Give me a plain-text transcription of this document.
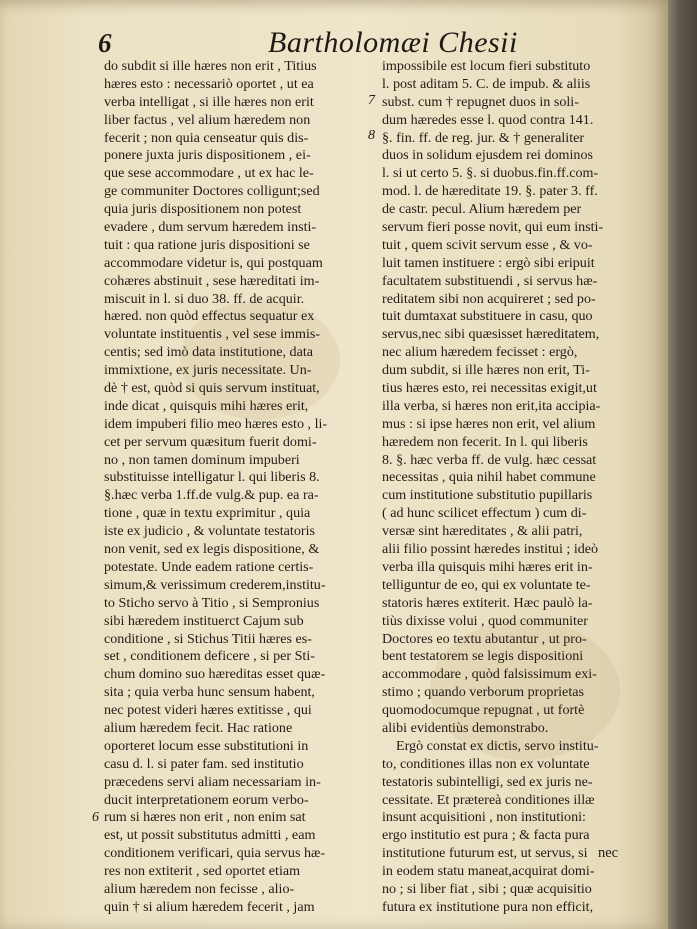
6	Bartholomæi Chesii
do subdit si ille hæres non erit , Titius
hæres esto : necessariò oportet , ut ea
verba intelligat , si ille hæres non erit
liber factus , vel alium hæredem non
fecerit ; non quia censeatur quis dis-
ponere juxta juris dispositionem , ei-
que sese accommodare , ut ex hac le-
ge communiter Doctores colligunt;sed
quia juris dispositionem non potest
evadere , dum servum hæredem insti-
tuit : qua ratione juris dispositioni se
accommodare videtur is, qui postquam
cohæres abstinuit , sese hæreditati im-
miscuit in l. si duo 38. ff. de acquir.
hæred. non quòd effectus sequatur ex
voluntate instituentis , vel sese immis-
centis; sed imò data institutione, data
immixtione, ex juris necessitate. Un-
dè † est, quòd si quis servum instituat,
inde dicat , quisquis mihi hæres erit,
idem impuberi filio meo hæres esto , li-
cet per servum quæsitum fuerit domi-
no , non tamen dominum impuberi
substituisse intelligatur l. qui liberis 8.
§.hæc verba 1.ff.de vulg.& pup. ea ra-
tione , quæ in textu exprimitur , quia
iste ex judicio , & voluntate testatoris
non venit, sed ex legis dispositione, &
potestate. Unde eadem ratione certis-
simum,& verissimum crederem,institu-
to Sticho servo à Titio , si Sempronius
sibi hæredem instituerct Cajum sub
conditione , si Stichus Titii hæres es-
set , conditionem deficere , si per Sti-
chum domino suo hæreditas esset quæ-
sita ; quia verba hunc sensum habent,
nec potest videri hæres extitisse , qui
alium hæredem fecit. Hac ratione
oporteret locum esse substitutioni in
casu d. l. si pater fam. sed institutio
præcedens servi aliam necessariam in-
ducit interpretationem eorum verbo-
rum si hæres non erit , non enim sat
est, ut possit substitutus admitti , eam
conditionem verificari, quia servus hæ-
res non extiterit , sed oportet etiam
alium hæredem non fecisse , alio-
quin † si alium hæredem fecerit , jam
impossibile est locum fieri substituto
l. post aditam 5. C. de impub. & aliis
subst. cum † repugnet duos in soli-
dum hæredes esse l. quod contra 141.
§. fin. ff. de reg. jur. & † generaliter
duos in solidum ejusdem rei dominos
l. si ut certo 5. §. si duobus.fin.ff.com-
mod. l. de hæreditate 19. §. pater 3. ff.
de castr. pecul. Alium hæredem per
servum fieri posse novit, qui eum insti-
tuit , quem scivit servum esse , & vo-
luit tamen instituere : ergò sibi eripuit
facultatem substituendi , si servus hæ-
reditatem sibi non acquireret ; sed po-
tuit dumtaxat substituere in casu, quo
servus,nec sibi quæsisset hæreditatem,
nec alium hæredem fecisset : ergò,
dum subdit, si ille hæres non erit, Ti-
tius hæres esto, rei necessitas exigit,ut
illa verba, si hæres non erit,ita accipia-
mus : si ipse hæres non erit, vel alium
hæredem non fecerit. In l. qui liberis
8. §. hæc verba ff. de vulg. hæc cessat
necessitas , quia nihil habet commune
cum institutione substitutio pupillaris
( ad hunc scilicet effectum ) cum di-
versæ sint hæreditates , & alii patri,
alii filio possint hæredes institui ; ideò
verba illa quisquis mihi hæres erit in-
telliguntur de eo, qui ex voluntate te-
statoris hæres extiterit. Hæc paulò la-
tiùs dixisse volui , quod communiter
Doctores eo textu abutantur , ut pro-
bent testatorem se legis dispositioni
accommodare , quòd falsissimum exi-
stimo ; quando verborum proprietas
quomodocumque repugnat , ut fortè
alibi evidentiùs demonstrabo.
Ergò constat ex dictis, servo institu-
to, conditiones illas non ex voluntate
testatoris subintelligi, sed ex juris ne-
cessitate. Et prætereà conditiones illæ
insunt acquisitioni , non institutioni:
ergo institutio est pura ; & facta pura
institutione futurum est, ut servus, si
in eodem statu maneat,acquirat domi-
no ; si liber fiat , sibi ; quæ acquisitio
futura ex institutione pura non efficit,
7
8
6
nec
